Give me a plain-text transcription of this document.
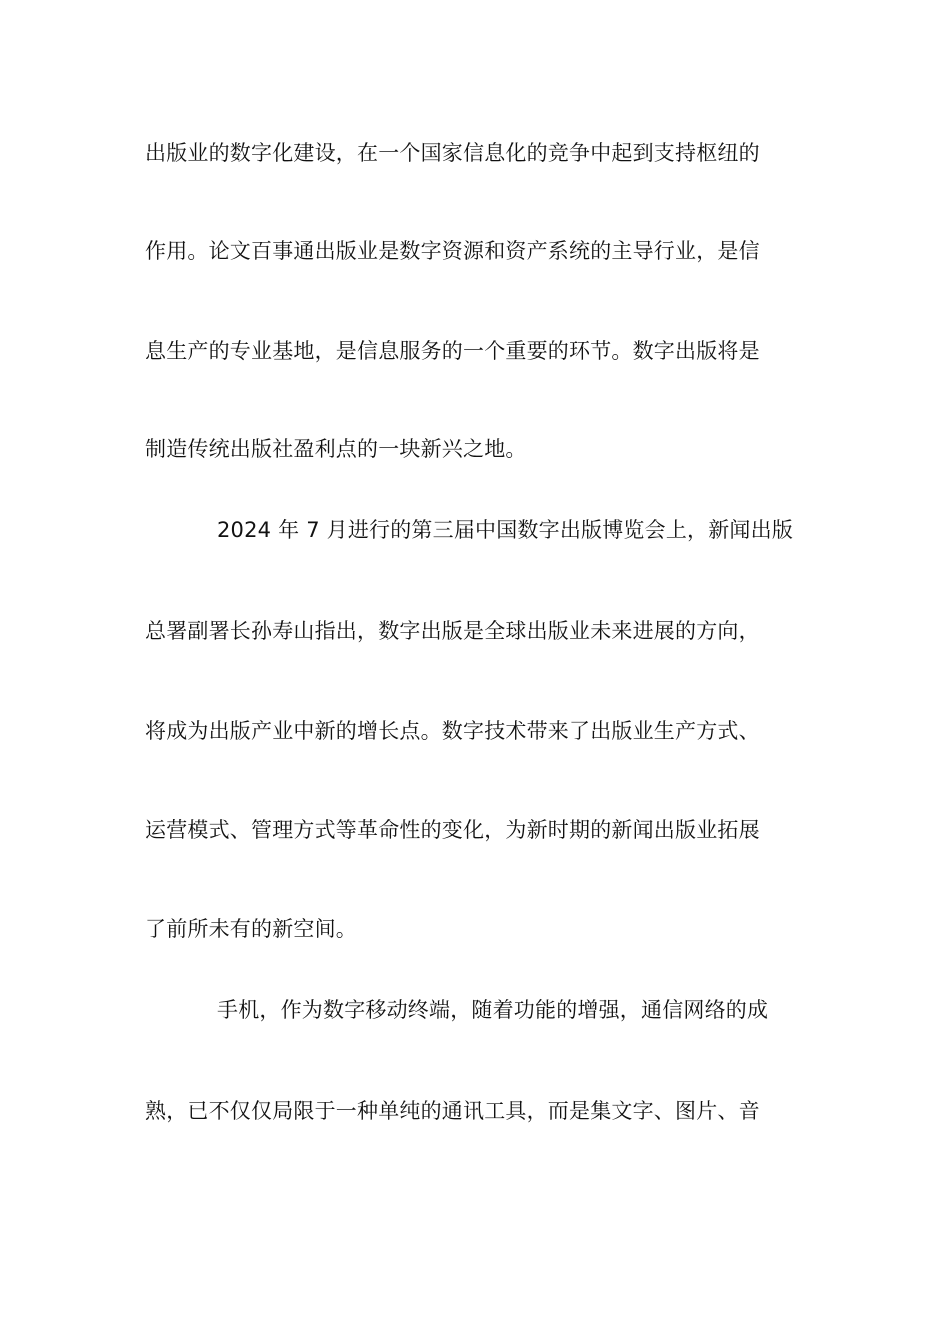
出版业的数字化建设，在一个国家信息化的竞争中起到支持枢纽的
作用。论文百事通出版业是数字资源和资产系统的主导行业，是信
息生产的专业基地，是信息服务的一个重要的环节。数字出版将是
制造传统出版社盈利点的一块新兴之地。
2024 年 7 月进行的第三届中国数字出版博览会上，新闻出版
总署副署长孙寿山指出，数字出版是全球出版业未来进展的方向，
将成为出版产业中新的增长点。数字技术带来了出版业生产方式、
运营模式、管理方式等革命性的变化，为新时期的新闻出版业拓展
了前所未有的新空间。
手机，作为数字移动终端，随着功能的增强，通信网络的成
熟，已不仅仅局限于一种单纯的通讯工具，而是集文字、图片、音
